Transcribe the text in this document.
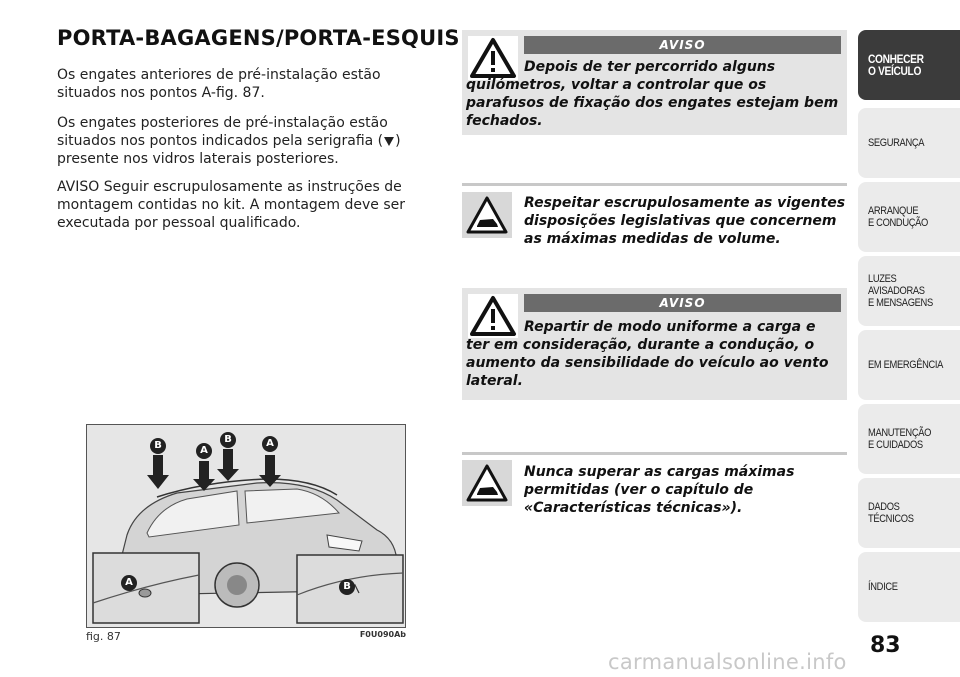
PORTA-BAGAGENS/PORTA-ESQUIS

Os engates anteriores de pré-instalação estão situados nos pontos A-fig. 87.

Os engates posteriores de pré-instalação estão situados nos pontos indicados pela serigrafia ( ) presente nos vidros laterais posteriores.

AVISO Seguir escrupulosamente as instruções de montagem contidas no kit. A montagem deve ser executada por pessoal qualificado.

B	A
B	A
A	B
fig. 87	F0U090Ab
AVISO

Depois de ter percorrido alguns quilómetros, voltar a controlar que os parafusos de fixação dos engates estejam bem fechados.

Respeitar escrupulosamente as vigentes disposições legislativas que concernem as máximas medidas de volume.

AVISO

Repartir de modo uniforme a carga e ter em consideração, durante a condução, o aumento da sensibilidade do veículo ao vento lateral.

Nunca superar as cargas máximas permitidas (ver o capítulo de «Características técnicas»).

CONHECER
O VEÍCULO
SEGURANÇA
ARRANQUE
E CONDUÇÃO
LUZES
AVISADORAS
E MENSAGENS
EM EMERGÊNCIA
MANUTENÇÃO
E CUIDADOS
DADOS
TÉCNICOS
ÍNDICE
83
carmanualsonline.info
